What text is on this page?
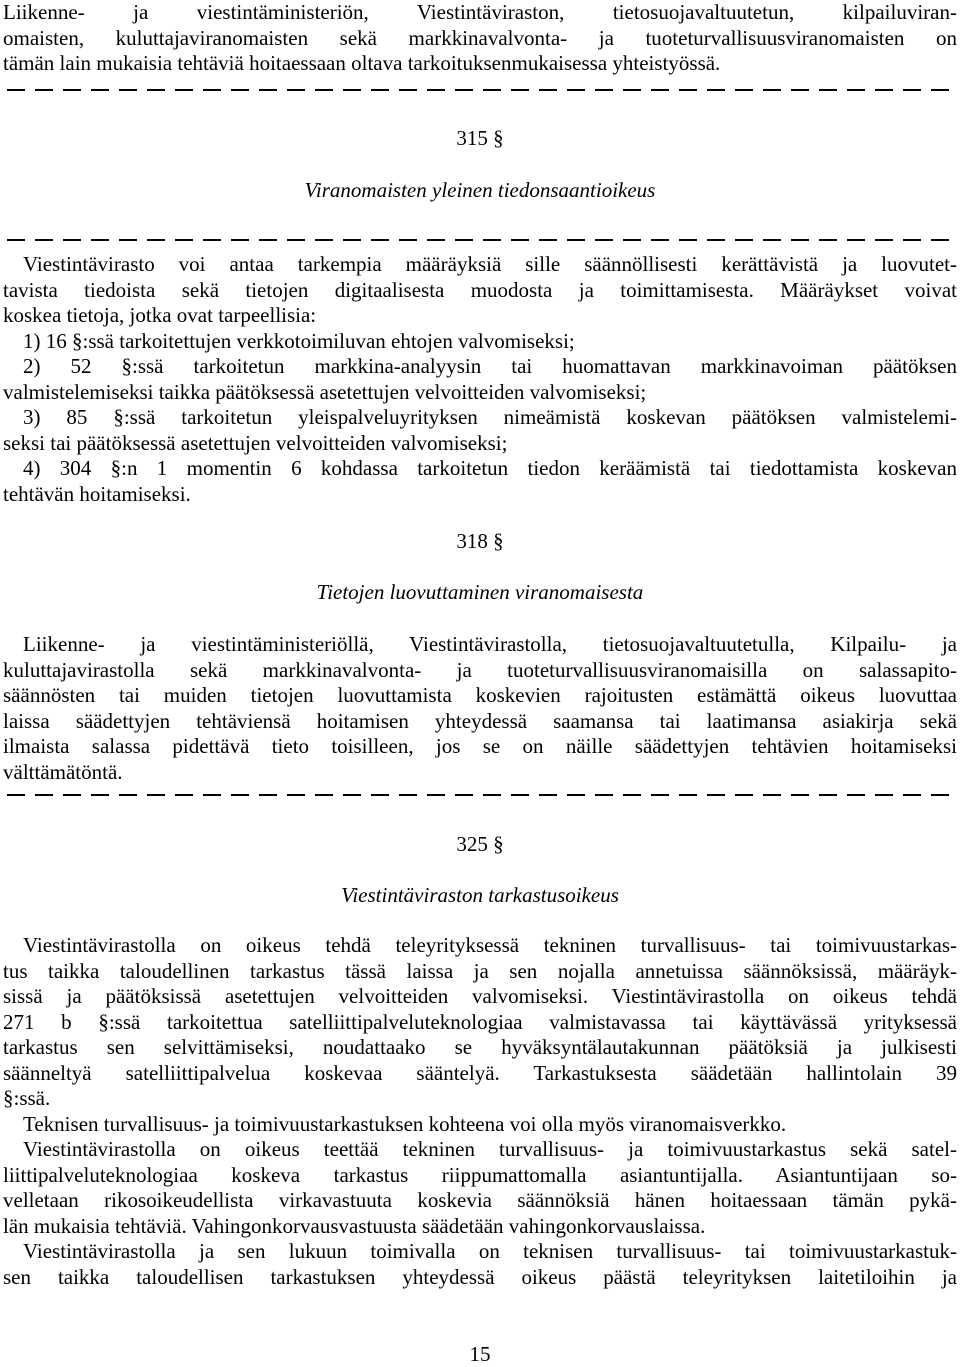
Liikenne- ja viestintäministeriön, Viestintäviraston, tietosuojavaltuutetun, kilpailuviran-
omaisten, kuluttajaviranomaisten sekä markkinavalvonta- ja tuoteturvallisuusviranomaisten on
tämän lain mukaisia tehtäviä hoitaessaan oltava tarkoituksenmukaisessa yhteistyössä.
315 §
Viranomaisten yleinen tiedonsaantioikeus
Viestintävirasto voi antaa tarkempia määräyksiä sille säännöllisesti kerättävistä ja luovutet-
tavista tiedoista sekä tietojen digitaalisesta muodosta ja toimittamisesta. Määräykset voivat
koskea tietoja, jotka ovat tarpeellisia:
1) 16 §:ssä tarkoitettujen verkkotoimiluvan ehtojen valvomiseksi;
2) 52 §:ssä tarkoitetun markkina-analyysin tai huomattavan markkinavoiman päätöksen
valmistelemiseksi taikka päätöksessä asetettujen velvoitteiden valvomiseksi;
3) 85 §:ssä tarkoitetun yleispalveluyrityksen nimeämistä koskevan päätöksen valmistelemi-
seksi tai päätöksessä asetettujen velvoitteiden valvomiseksi;
4) 304 §:n 1 momentin 6 kohdassa tarkoitetun tiedon keräämistä tai tiedottamista koskevan
tehtävän hoitamiseksi.
318 §
Tietojen luovuttaminen viranomaisesta
Liikenne- ja viestintäministeriöllä, Viestintävirastolla, tietosuojavaltuutetulla, Kilpailu- ja
kuluttajavirastolla sekä markkinavalvonta- ja tuoteturvallisuusviranomaisilla on salassapito-
säännösten tai muiden tietojen luovuttamista koskevien rajoitusten estämättä oikeus luovuttaa
laissa säädettyjen tehtäviensä hoitamisen yhteydessä saamansa tai laatimansa asiakirja sekä
ilmaista salassa pidettävä tieto toisilleen, jos se on näille säädettyjen tehtävien hoitamiseksi
välttämätöntä.
325 §
Viestintäviraston tarkastusoikeus
Viestintävirastolla on oikeus tehdä teleyrityksessä tekninen turvallisuus- tai toimivuustarkas-
tus taikka taloudellinen tarkastus tässä laissa ja sen nojalla annetuissa säännöksissä, määräyk-
sissä ja päätöksissä asetettujen velvoitteiden valvomiseksi. Viestintävirastolla on oikeus tehdä
271 b §:ssä tarkoitettua satelliittipalveluteknologiaa valmistavassa tai käyttävässä yrityksessä
tarkastus sen selvittämiseksi, noudattaako se hyväksyntälautakunnan päätöksiä ja julkisesti
säänneltyä satelliittipalvelua koskevaa sääntelyä. Tarkastuksesta säädetään hallintolain 39
§:ssä.
Teknisen turvallisuus- ja toimivuustarkastuksen kohteena voi olla myös viranomaisverkko.
Viestintävirastolla on oikeus teettää tekninen turvallisuus- ja toimivuustarkastus sekä satel-
liittipalveluteknologiaa koskeva tarkastus riippumattomalla asiantuntijalla. Asiantuntijaan so-
velletaan rikosoikeudellista virkavastuuta koskevia säännöksiä hänen hoitaessaan tämän pykä-
län mukaisia tehtäviä. Vahingonkorvausvastuusta säädetään vahingonkorvauslaissa.
Viestintävirastolla ja sen lukuun toimivalla on teknisen turvallisuus- tai toimivuustarkastuk-
sen taikka taloudellisen tarkastuksen yhteydessä oikeus päästä teleyrityksen laitetiloihin ja
15
